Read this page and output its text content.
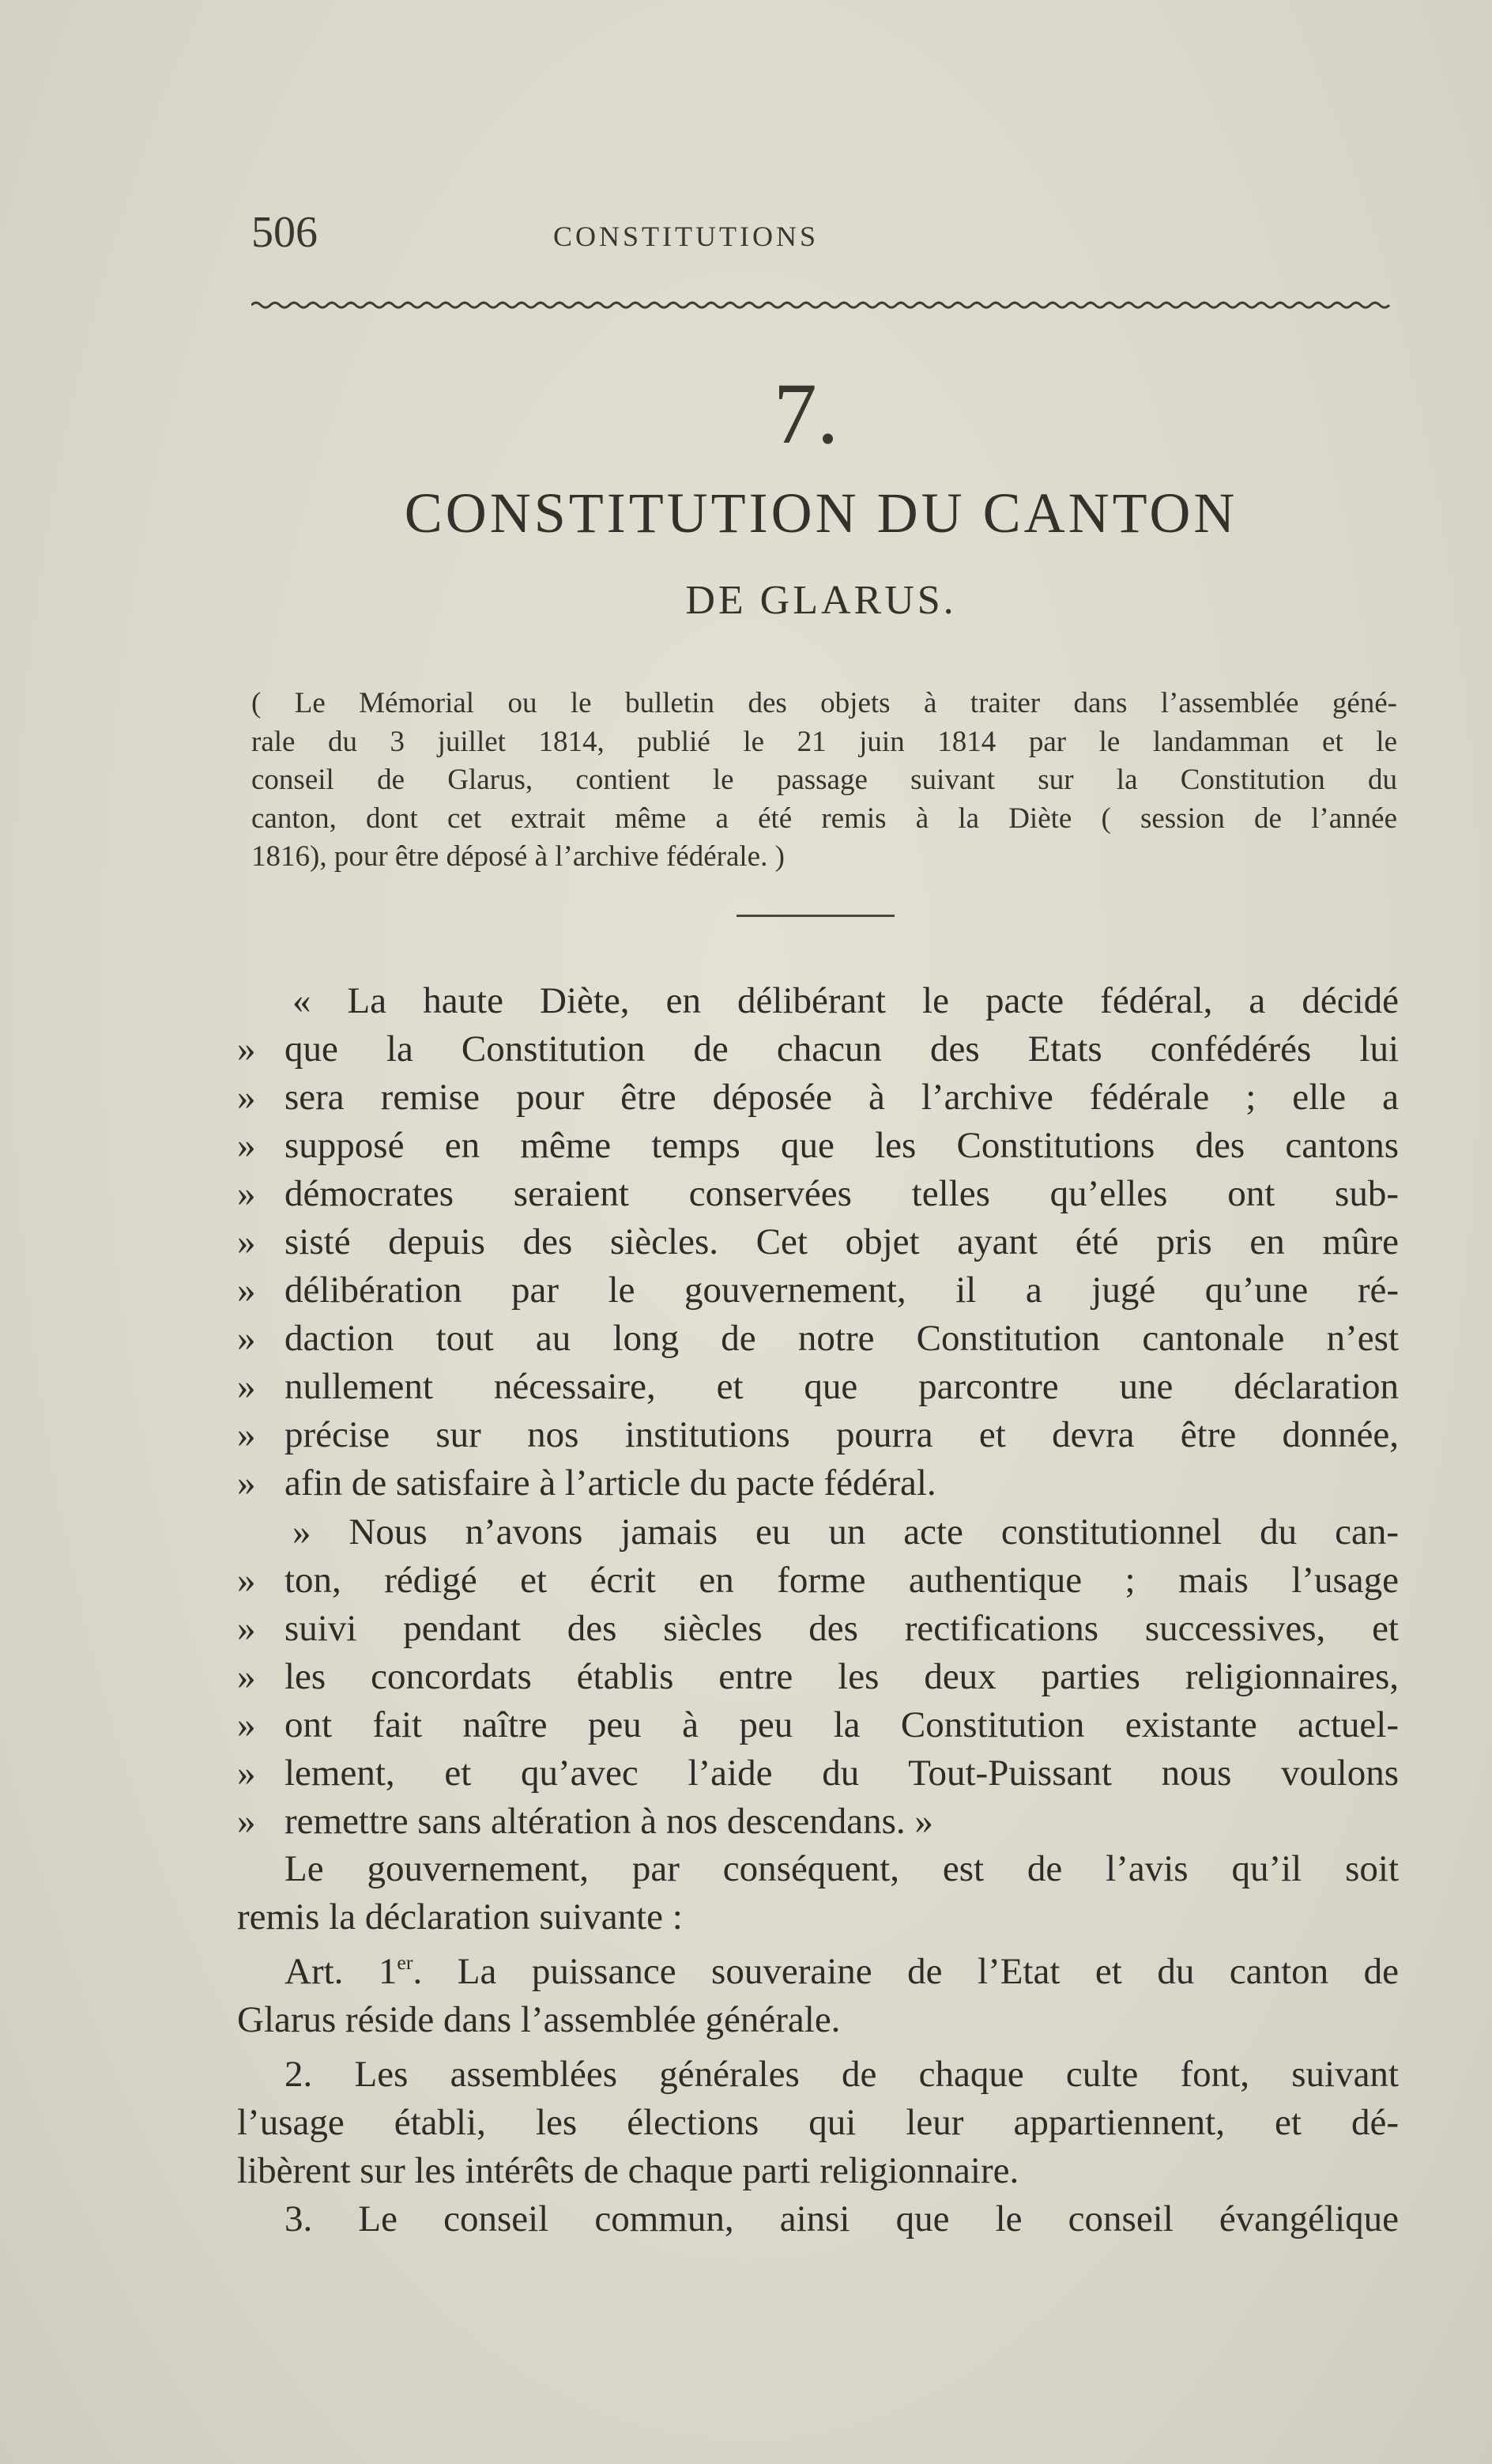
506	CONSTITUTIONS
7.
CONSTITUTION DU CANTON
DE GLARUS.
( Le Mémorial ou le bulletin des objets à traiter dans l’assemblée géné-
rale du 3 juillet 1814, publié le 21 juin 1814 par le landamman et le
conseil de Glarus, contient le passage suivant sur la Constitution du
canton, dont cet extrait même a été remis à la Diète ( session de l’année
1816), pour être déposé à l’archive fédérale. )
« La haute Diète, en délibérant le pacte fédéral, a décidé
» que la Constitution de chacun des Etats confédérés lui
» sera remise pour être déposée à l’archive fédérale ; elle a
» supposé en même temps que les Constitutions des cantons
» démocrates seraient conservées telles qu’elles ont sub-
» sisté depuis des siècles. Cet objet ayant été pris en mûre
» délibération par le gouvernement, il a jugé qu’une ré-
» daction tout au long de notre Constitution cantonale n’est
» nullement nécessaire, et que parcontre une déclaration
» précise sur nos institutions pourra et devra être donnée,
» afin de satisfaire à l’article du pacte fédéral.
» Nous n’avons jamais eu un acte constitutionnel du can-
» ton, rédigé et écrit en forme authentique ; mais l’usage
» suivi pendant des siècles des rectifications successives, et
» les concordats établis entre les deux parties religionnaires,
» ont fait naître peu à peu la Constitution existante actuel-
» lement, et qu’avec l’aide du Tout-Puissant nous voulons
» remettre sans altération à nos descendans. »
Le gouvernement, par conséquent, est de l’avis qu’il soit
remis la déclaration suivante :
Art. 1er. La puissance souveraine de l’Etat et du canton de
Glarus réside dans l’assemblée générale.
2. Les assemblées générales de chaque culte font, suivant
l’usage établi, les élections qui leur appartiennent, et dé-
libèrent sur les intérêts de chaque parti religionnaire.
3. Le conseil commun, ainsi que le conseil évangélique
